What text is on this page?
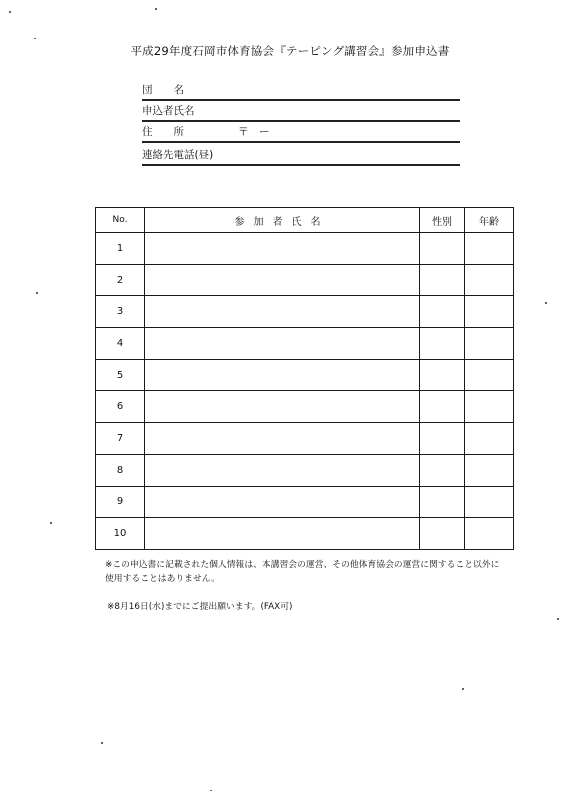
平成29年度石岡市体育協会『テーピング講習会』参加申込書
団　　名
申込者氏名
住　　所	〒　ー
連絡先電話(昼)
No.	参加者氏名	性別	年齢
1			
2			
3			
4			
5			
6			
7			
8			
9			
10			
※この申込書に記載された個人情報は、本講習会の運営、その他体育協会の運営に関すること以外に
使用することはありません。
※8月16日(水)までにご提出願います。(FAX可)
